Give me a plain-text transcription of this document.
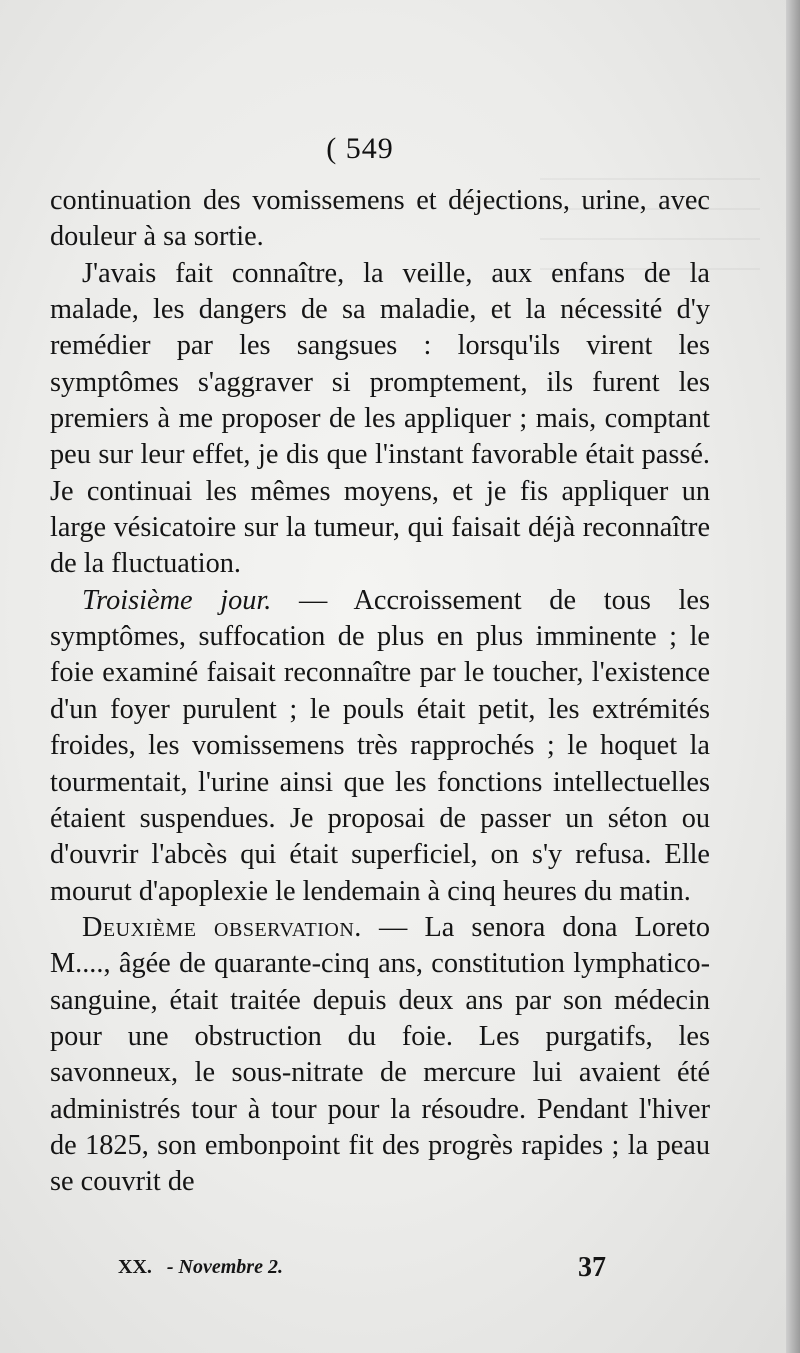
( 549

continuation des vomissemens et déjections, urine, avec douleur à sa sortie.

J'avais fait connaître, la veille, aux enfans de la malade, les dangers de sa maladie, et la nécessité d'y remédier par les sangsues : lorsqu'ils virent les symptômes s'aggraver si promptement, ils furent les premiers à me proposer de les appliquer ; mais, comptant peu sur leur effet, je dis que l'instant favorable était passé. Je continuai les mêmes moyens, et je fis appliquer un large vésicatoire sur la tumeur, qui faisait déjà reconnaître de la fluctuation.

Troisième jour. — Accroissement de tous les symptômes, suffocation de plus en plus imminente ; le foie examiné faisait reconnaître par le toucher, l'existence d'un foyer purulent ; le pouls était petit, les extrémités froides, les vomissemens très rapprochés ; le hoquet la tourmentait, l'urine ainsi que les fonctions intellectuelles étaient suspendues. Je proposai de passer un séton ou d'ouvrir l'abcès qui était superficiel, on s'y refusa. Elle mourut d'apoplexie le lendemain à cinq heures du matin.

Deuxième observation. — La senora dona Loreto M...., âgée de quarante-cinq ans, constitution lymphatico-sanguine, était traitée depuis deux ans par son médecin pour une obstruction du foie. Les purgatifs, les savonneux, le sous-nitrate de mercure lui avaient été administrés tour à tour pour la résoudre. Pendant l'hiver de 1825, son embonpoint fit des progrès rapides ; la peau se couvrit de

XX. - Novembre 2.	37
